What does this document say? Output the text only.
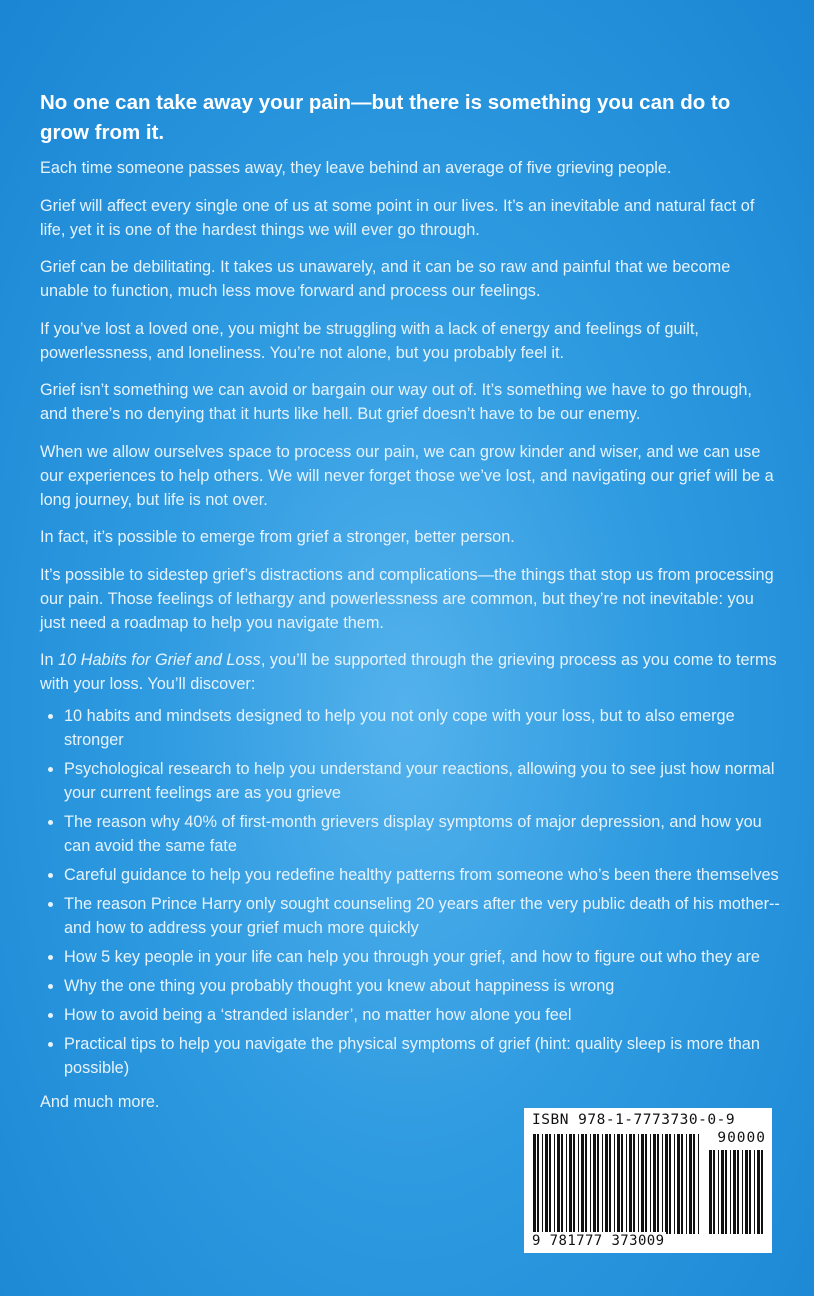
No one can take away your pain—but there is something you can do to grow from it.

Each time someone passes away, they leave behind an average of five grieving people.

Grief will affect every single one of us at some point in our lives. It’s an inevitable and natural fact of life, yet it is one of the hardest things we will ever go through.

Grief can be debilitating. It takes us unawarely, and it can be so raw and painful that we become unable to function, much less move forward and process our feelings.

If you’ve lost a loved one, you might be struggling with a lack of energy and feelings of guilt, powerlessness, and loneliness. You’re not alone, but you probably feel it.

Grief isn’t something we can avoid or bargain our way out of. It’s something we have to go through, and there’s no denying that it hurts like hell. But grief doesn’t have to be our enemy.

When we allow ourselves space to process our pain, we can grow kinder and wiser, and we can use our experiences to help others. We will never forget those we’ve lost, and navigating our grief will be a long journey, but life is not over.

In fact, it’s possible to emerge from grief a stronger, better person.

It’s possible to sidestep grief’s distractions and complications—the things that stop us from processing our pain. Those feelings of lethargy and powerlessness are common, but they’re not inevitable: you just need a roadmap to help you navigate them.

In 10 Habits for Grief and Loss, you’ll be supported through the grieving process as you come to terms with your loss. You’ll discover:

10 habits and mindsets designed to help you not only cope with your loss, but to also emerge stronger
Psychological research to help you understand your reactions, allowing you to see just how normal your current feelings are as you grieve
The reason why 40% of first-month grievers display symptoms of major depression, and how you can avoid the same fate
Careful guidance to help you redefine healthy patterns from someone who’s been there themselves
The reason Prince Harry only sought counseling 20 years after the very public death of his mother--and how to address your grief much more quickly
How 5 key people in your life can help you through your grief, and how to figure out who they are
Why the one thing you probably thought you knew about happiness is wrong
How to avoid being a ‘stranded islander’, no matter how alone you feel
Practical tips to help you navigate the physical symptoms of grief (hint: quality sleep is more than possible)
And much more.
ISBN 978-1-7773730-0-9
90000
9 781777 373009
